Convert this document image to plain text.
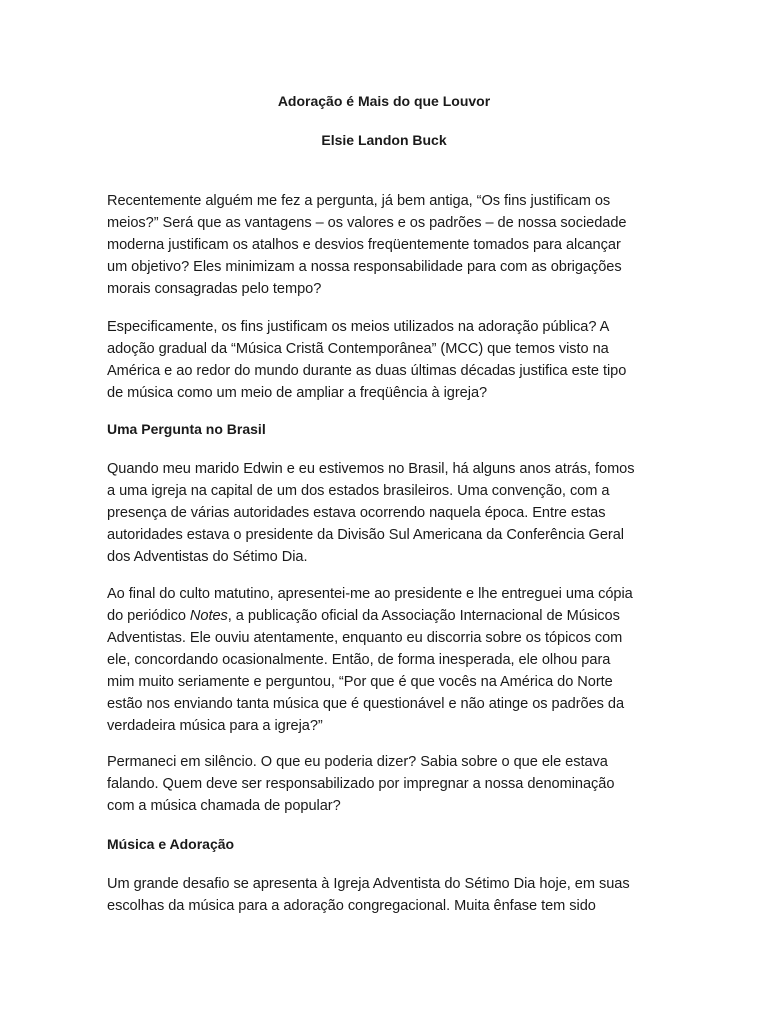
Adoração é Mais do que Louvor
Elsie Landon Buck
Recentemente alguém me fez a pergunta, já bem antiga, “Os fins justificam os
meios?” Será que as vantagens – os valores e os padrões – de nossa sociedade
moderna justificam os atalhos e desvios freqüentemente tomados para alcançar
um objetivo? Eles minimizam a nossa responsabilidade para com as obrigações
morais consagradas pelo tempo?
Especificamente, os fins justificam os meios utilizados na adoração pública? A
adoção gradual da “Música Cristã Contemporânea” (MCC) que temos visto na
América e ao redor do mundo durante as duas últimas décadas justifica este tipo
de música como um meio de ampliar a freqüência à igreja?
Uma Pergunta no Brasil
Quando meu marido Edwin e eu estivemos no Brasil, há alguns anos atrás, fomos
a uma igreja na capital de um dos estados brasileiros. Uma convenção, com a
presença de várias autoridades estava ocorrendo naquela época. Entre estas
autoridades estava o presidente da Divisão Sul Americana da Conferência Geral
dos Adventistas do Sétimo Dia.
Ao final do culto matutino, apresentei-me ao presidente e lhe entreguei uma cópia
do periódico Notes, a publicação oficial da Associação Internacional de Músicos
Adventistas. Ele ouviu atentamente, enquanto eu discorria sobre os tópicos com
ele, concordando ocasionalmente. Então, de forma inesperada, ele olhou para
mim muito seriamente e perguntou, “Por que é que vocês na América do Norte
estão nos enviando tanta música que é questionável e não atinge os padrões da
verdadeira música para a igreja?”
Permaneci em silêncio. O que eu poderia dizer? Sabia sobre o que ele estava
falando. Quem deve ser responsabilizado por impregnar a nossa denominação
com a música chamada de popular?
Música e Adoração
Um grande desafio se apresenta à Igreja Adventista do Sétimo Dia hoje, em suas
escolhas da música para a adoração congregacional. Muita ênfase tem sido
